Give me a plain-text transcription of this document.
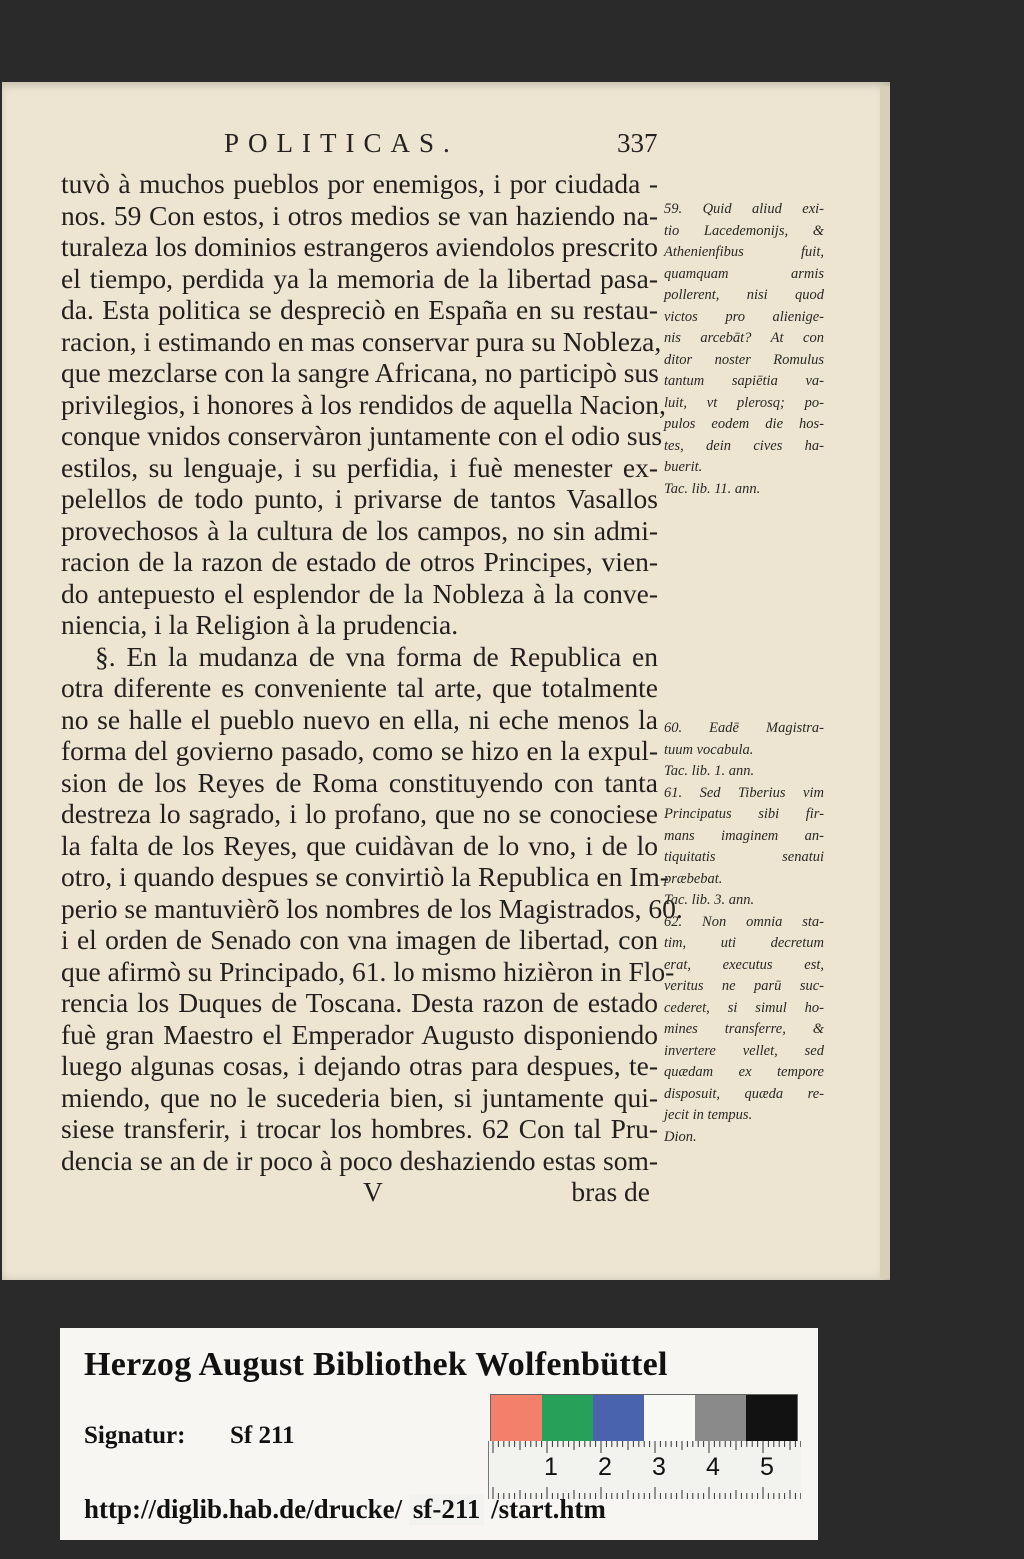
POLITICAS.	337
tuvò à muchos pueblos por enemigos, i por ciudada -
nos. 59 Con estos, i otros medios se van haziendo na-
turaleza los dominios estrangeros aviendolos prescrito
el tiempo, perdida ya la memoria de la libertad pasa-
da. Esta politica se despreciò en España en su restau-
racion, i estimando en mas conservar pura su Nobleza,
que mezclarse con la sangre Africana, no participò sus
privilegios, i honores à los rendidos de aquella Nacion,
conque vnidos conservàron juntamente con el odio sus
estilos, su lenguaje, i su perfidia, i fuè menester ex-
pelellos de todo punto, i privarse de tantos Vasallos
provechosos à la cultura de los campos, no sin admi-
racion de la razon de estado de otros Principes, vien-
do antepuesto el esplendor de la Nobleza à la conve-
niencia, i la Religion à la prudencia.
§. En la mudanza de vna forma de Republica en
otra diferente es conveniente tal arte, que totalmente
no se halle el pueblo nuevo en ella, ni eche menos la
forma del govierno pasado, como se hizo en la expul-
sion de los Reyes de Roma constituyendo con tanta
destreza lo sagrado, i lo profano, que no se conociese
la falta de los Reyes, que cuidàvan de lo vno, i de lo
otro, i quando despues se convirtiò la Republica en Im-
perio se mantuvièrõ los nombres de los Magistrados, 60.
i el orden de Senado con vna imagen de libertad, con
que afirmò su Principado, 61. lo mismo hizièron in Flo-
rencia los Duques de Toscana. Desta razon de estado
fuè gran Maestro el Emperador Augusto disponiendo
luego algunas cosas, i dejando otras para despues, te-
miendo, que no le sucederia bien, si juntamente qui-
siese transferir, i trocar los hombres. 62 Con tal Pru-
dencia se an de ir poco à poco deshaziendo estas som-
V	bras de
59. Quid aliud exi-
tio Lacedemonijs, &
Athenienfibus fuit,
quamquam armis
pollerent, nisi quod
victos pro alienige-
nis arcebāt? At con
ditor noster Romulus
tantum sapiētia va-
luit, vt plerosq; po-
pulos eodem die hos-
tes, dein cives ha-
buerit.
Tac. lib. 11. ann.
60. Eadē Magistra-
tuum vocabula.
Tac. lib. 1. ann.
61. Sed Tiberius vim
Principatus sibi fir-
mans imaginem an-
tiquitatis senatui
præbebat.
Tac. lib. 3. ann.
62. Non omnia sta-
tim, uti decretum
erat, executus est,
veritus ne parū suc-
cederet, si simul ho-
mines transferre, &
invertere vellet, sed
quædam ex tempore
disposuit, quæda re-
jecit in tempus.
Dion.
Herzog August Bibliothek Wolfenbüttel
Signatur: Sf 211
1 2 3 4 5
http://diglib.hab.de/drucke/ sf-211 /start.htm
